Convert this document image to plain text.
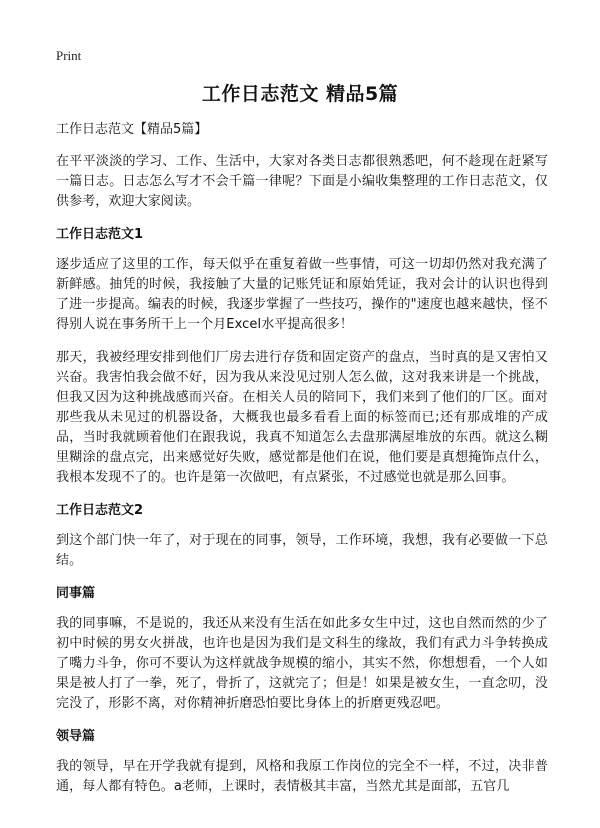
Print
工作日志范文 精品5篇
工作日志范文【精品5篇】

在平平淡淡的学习、工作、生活中，大家对各类日志都很熟悉吧，何不趁现在赶紧写一篇日志。日志怎么写才不会千篇一律呢？下面是小编收集整理的工作日志范文，仅供参考，欢迎大家阅读。

工作日志范文1

逐步适应了这里的工作，每天似乎在重复着做一些事情，可这一切却仍然对我充满了新鲜感。抽凭的时候，我接触了大量的记账凭证和原始凭证，我对会计的认识也得到了进一步提高。编表的时候，我逐步掌握了一些技巧，操作的"速度也越来越快，怪不得别人说在事务所干上一个月Excel水平提高很多！

那天，我被经理安排到他们厂房去进行存货和固定资产的盘点，当时真的是又害怕又兴奋。我害怕我会做不好，因为我从来没见过别人怎么做，这对我来讲是一个挑战，但我又因为这种挑战感而兴奋。在相关人员的陪同下，我们来到了他们的厂区。面对那些我从未见过的机器设备，大概我也最多看看上面的标签而已;还有那成堆的产成品，当时我就顾着他们在跟我说，我真不知道怎么去盘那满屋堆放的东西。就这么糊里糊涂的盘点完，出来感觉好失败，感觉都是他们在说，他们要是真想掩饰点什么，我根本发现不了的。也许是第一次做吧，有点紧张，不过感觉也就是那么回事。

工作日志范文2

到这个部门快一年了，对于现在的同事，领导，工作环境，我想，我有必要做一下总结。

同事篇

我的同事嘛，不是说的，我还从来没有生活在如此多女生中过，这也自然而然的少了初中时候的男女火拼战，也许也是因为我们是文科生的缘故，我们有武力斗争转换成了嘴力斗争，你可不要认为这样就战争规模的缩小，其实不然，你想想看，一个人如果是被人打了一拳，死了，骨折了，这就完了；但是！如果是被女生，一直念叨，没完没了，形影不离，对你精神折磨恐怕要比身体上的折磨更残忍吧。

领导篇

我的领导，早在开学我就有提到，风格和我原工作岗位的完全不一样，不过，决非普通，每人都有特色。a老师，上课时，表情极其丰富，当然尤其是面部，五官几
